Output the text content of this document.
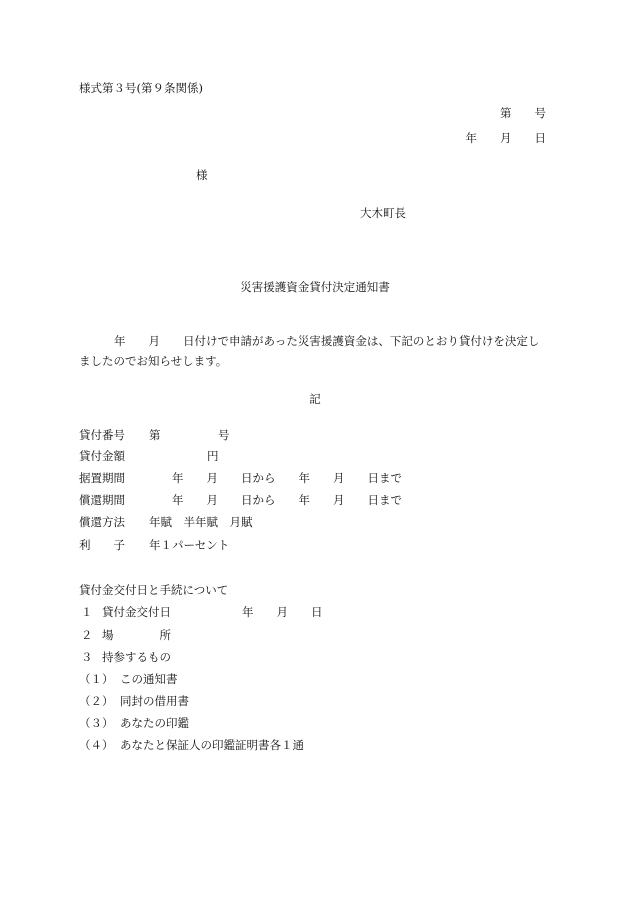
様式第３号(第９条関係)
第　　号
年　　月　　日
様
大木町長
災害援護資金貸付決定通知書
年　　月　　日付けで申請があった災害援護資金は、下記のとおり貸付けを決定し
ましたのでお知らせします。
記
貸付番号 第　　　　　号
貸付金額	円
据置期間	年　　月　　日から　　年　　月　　日まで
償還期間	年　　月　　日から　　年　　月　　日まで
償還方法 年賦　半年賦　月賦
利　　子 年１パーセント
貸付金交付日と手続について
１ 貸付金交付日	年　　月　　日
２ 場　　　　所
３ 持参するもの
（１） この通知書
（２） 同封の借用書
（３） あなたの印鑑
（４） あなたと保証人の印鑑証明書各１通
